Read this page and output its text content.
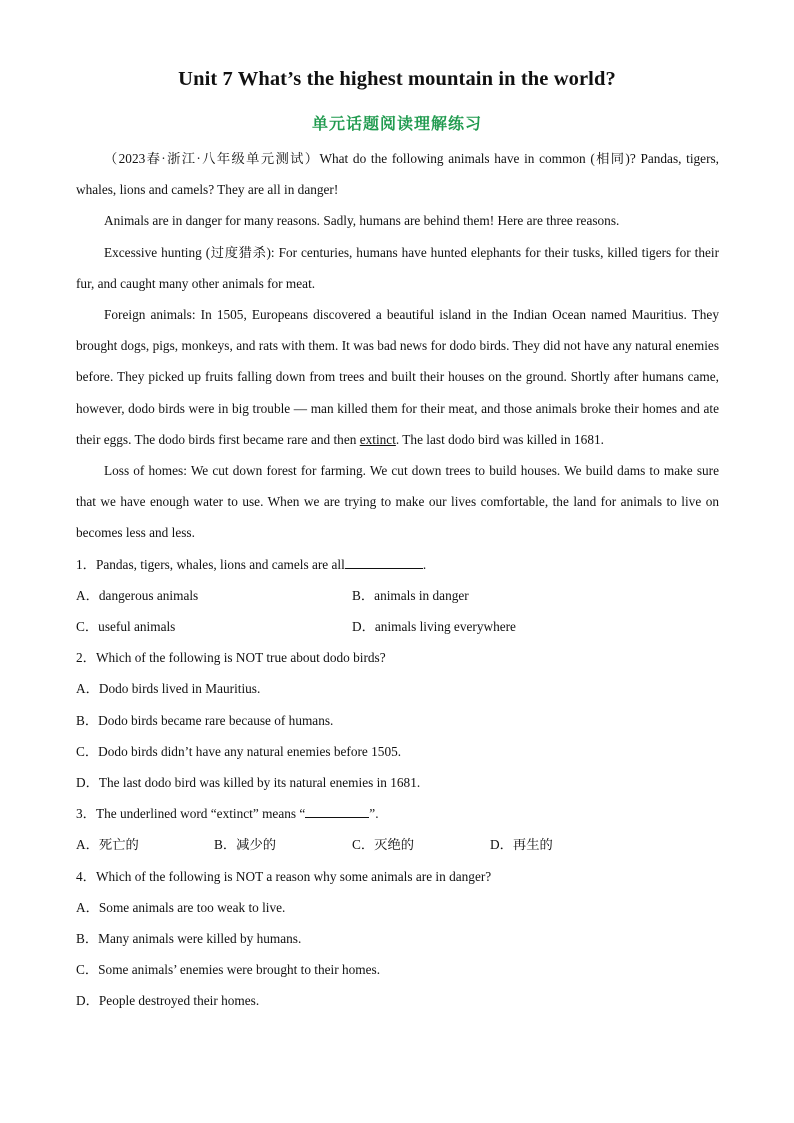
Unit 7 What’s the highest mountain in the world?
单元话题阅读理解练习

（2023春·浙江·八年级单元测试）What do the following animals have in common (相同)? Pandas, tigers, whales, lions and camels? They are all in danger!

Animals are in danger for many reasons. Sadly, humans are behind them! Here are three reasons.

Excessive hunting (过度猎杀): For centuries, humans have hunted elephants for their tusks, killed tigers for their fur, and caught many other animals for meat.

Foreign animals: In 1505, Europeans discovered a beautiful island in the Indian Ocean named Mauritius. They brought dogs, pigs, monkeys, and rats with them. It was bad news for dodo birds. They did not have any natural enemies before. They picked up fruits falling down from trees and built their houses on the ground. Shortly after humans came, however, dodo birds were in big trouble — man killed them for their meat, and those animals broke their homes and ate their eggs. The dodo birds first became rare and then extinct. The last dodo bird was killed in 1681.

Loss of homes: We cut down forest for farming. We cut down trees to build houses. We build dams to make sure that we have enough water to use. When we are trying to make our lives comfortable, the land for animals to live on becomes less and less.

1．Pandas, tigers, whales, lions and camels are all	.

A．dangerous animals	B．animals in danger
C．useful animals	D．animals living everywhere

2．Which of the following is NOT true about dodo birds?

A．Dodo birds lived in Mauritius.

B．Dodo birds became rare because of humans.

C．Dodo birds didn’t have any natural enemies before 1505.

D．The last dodo bird was killed by its natural enemies in 1681.

3．The underlined word “extinct” means “	”.

A．死亡的	B．减少的	C．灭绝的	D．再生的

4．Which of the following is NOT a reason why some animals are in danger?

A．Some animals are too weak to live.

B．Many animals were killed by humans.

C．Some animals’ enemies were brought to their homes.

D．People destroyed their homes.
